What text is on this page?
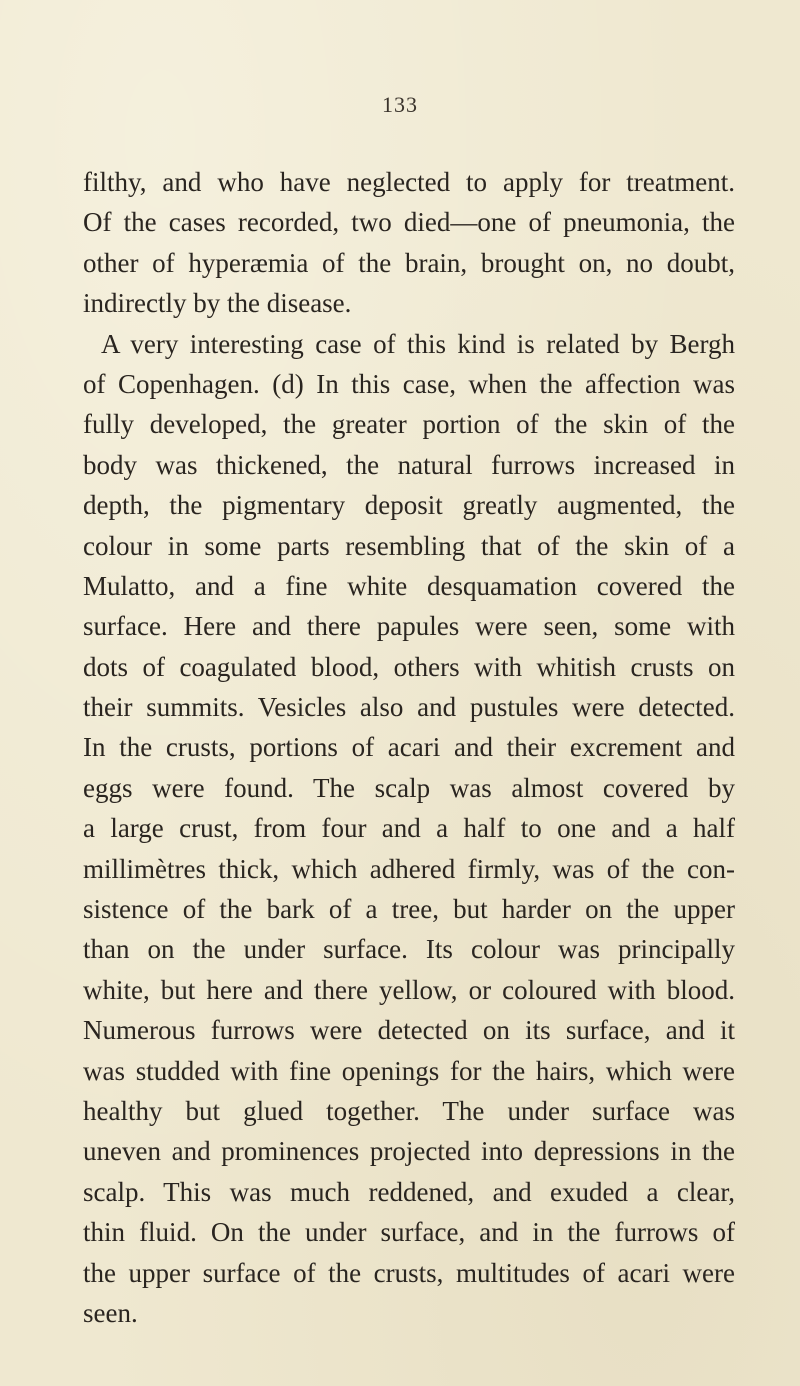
133
filthy, and who have neglected to apply for treatment.
Of the cases recorded, two died—one of pneumonia, the
other of hyperæmia of the brain, brought on, no doubt,
indirectly by the disease.
A very interesting case of this kind is related by Bergh
of Copenhagen. (d) In this case, when the affection was
fully developed, the greater portion of the skin of the
body was thickened, the natural furrows increased in
depth, the pigmentary deposit greatly augmented, the
colour in some parts resembling that of the skin of a
Mulatto, and a fine white desquamation covered the
surface. Here and there papules were seen, some with
dots of coagulated blood, others with whitish crusts on
their summits. Vesicles also and pustules were detected.
In the crusts, portions of acari and their excrement and
eggs were found. The scalp was almost covered by
a large crust, from four and a half to one and a half
millimètres thick, which adhered firmly, was of the con-
sistence of the bark of a tree, but harder on the upper
than on the under surface. Its colour was principally
white, but here and there yellow, or coloured with blood.
Numerous furrows were detected on its surface, and it
was studded with fine openings for the hairs, which were
healthy but glued together. The under surface was
uneven and prominences projected into depressions in the
scalp. This was much reddened, and exuded a clear,
thin fluid. On the under surface, and in the furrows of
the upper surface of the crusts, multitudes of acari were
seen.
